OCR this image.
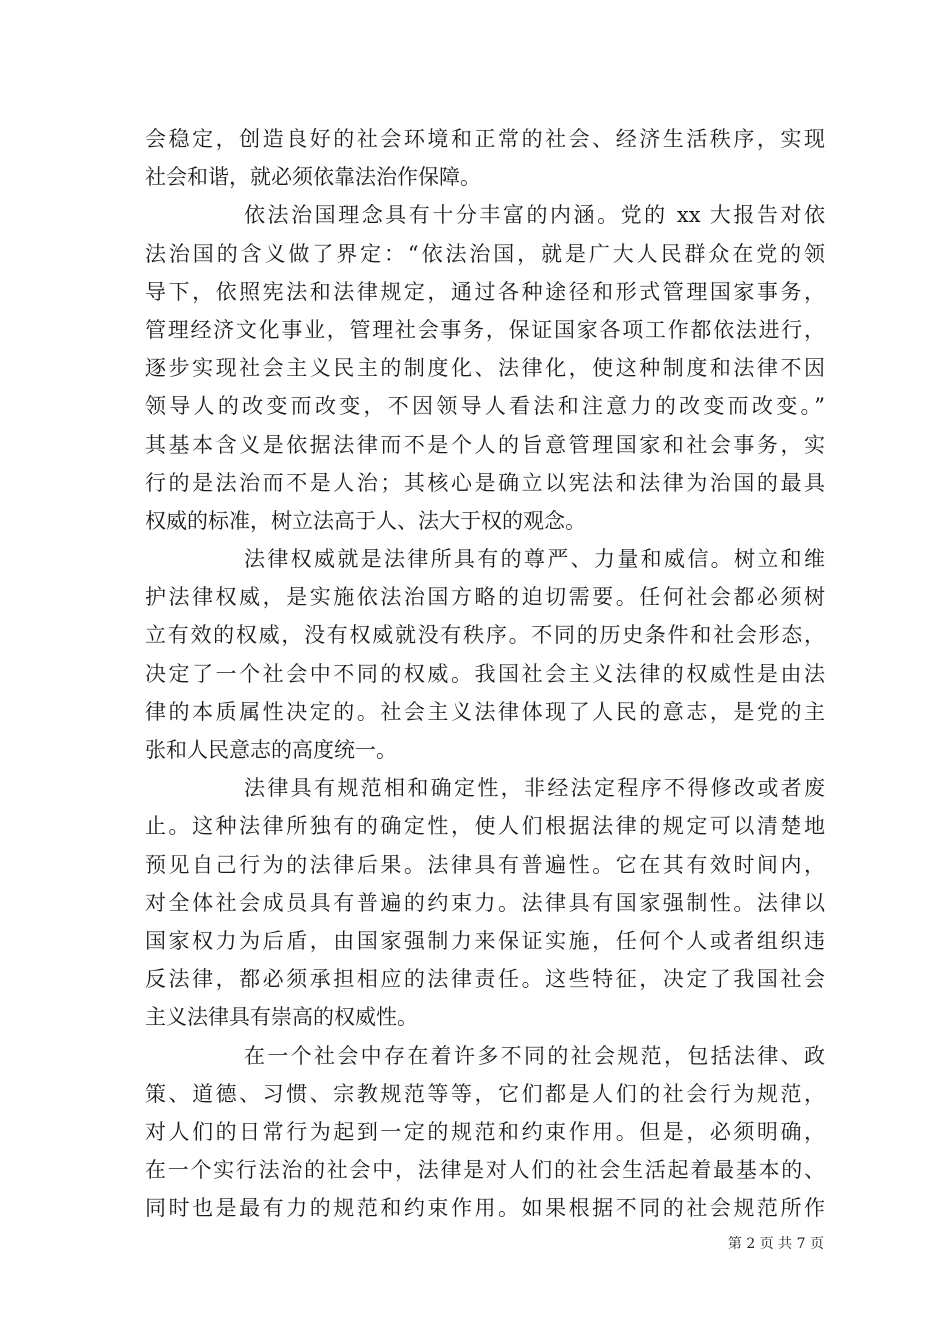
会稳定，创造良好的社会环境和正常的社会、经济生活秩序，实现
社会和谐，就必须依靠法治作保障。
依法治国理念具有十分丰富的内涵。党的 xx 大报告对依
法治国的含义做了界定：“依法治国，就是广大人民群众在党的领
导下，依照宪法和法律规定，通过各种途径和形式管理国家事务，
管理经济文化事业，管理社会事务，保证国家各项工作都依法进行，
逐步实现社会主义民主的制度化、法律化，使这种制度和法律不因
领导人的改变而改变，不因领导人看法和注意力的改变而改变。”
其基本含义是依据法律而不是个人的旨意管理国家和社会事务，实
行的是法治而不是人治；其核心是确立以宪法和法律为治国的最具
权威的标准，树立法高于人、法大于权的观念。
法律权威就是法律所具有的尊严、力量和威信。树立和维
护法律权威，是实施依法治国方略的迫切需要。任何社会都必须树
立有效的权威，没有权威就没有秩序。不同的历史条件和社会形态，
决定了一个社会中不同的权威。我国社会主义法律的权威性是由法
律的本质属性决定的。社会主义法律体现了人民的意志，是党的主
张和人民意志的高度统一。
法律具有规范相和确定性，非经法定程序不得修改或者废
止。这种法律所独有的确定性，使人们根据法律的规定可以清楚地
预见自己行为的法律后果。法律具有普遍性。它在其有效时间内，
对全体社会成员具有普遍的约束力。法律具有国家强制性。法律以
国家权力为后盾，由国家强制力来保证实施，任何个人或者组织违
反法律，都必须承担相应的法律责任。这些特征，决定了我国社会
主义法律具有崇高的权威性。
在一个社会中存在着许多不同的社会规范，包括法律、政
策、道德、习惯、宗教规范等等，它们都是人们的社会行为规范，
对人们的日常行为起到一定的规范和约束作用。但是，必须明确，
在一个实行法治的社会中，法律是对人们的社会生活起着最基本的、
同时也是最有力的规范和约束作用。如果根据不同的社会规范所作
第 2 页 共 7 页
